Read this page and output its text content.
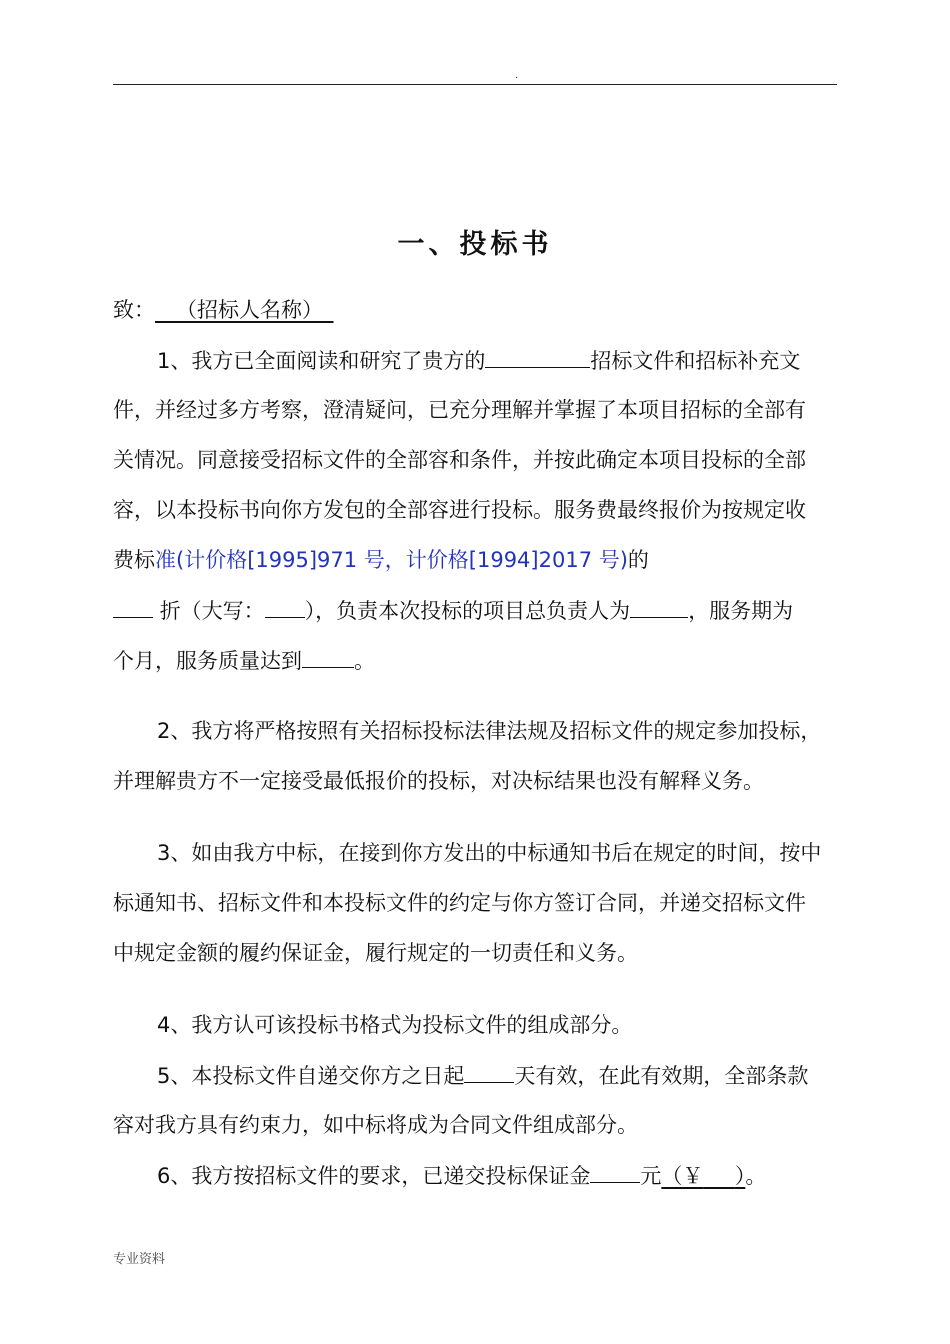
.
一、投标书
致：  （招标人名称） 
1、我方已全面阅读和研究了贵方的	招标文件和招标补充文
件，并经过多方考察，澄清疑问，已充分理解并掌握了本项目招标的全部有
关情况。同意接受招标文件的全部容和条件，并按此确定本项目投标的全部
容，以本投标书向你方发包的全部容进行投标。服务费最终报价为按规定收
费标准(计价格[1995]971 号，计价格[1994]2017 号)的
折（大写： ），负责本次投标的项目总负责人为	，服务期为
个月，服务质量达到 。
2、我方将严格按照有关招标投标法律法规及招标文件的规定参加投标，
并理解贵方不一定接受最低报价的投标，对决标结果也没有解释义务。
3、如由我方中标，在接到你方发出的中标通知书后在规定的时间，按中
标通知书、招标文件和本投标文件的约定与你方签订合同，并递交招标文件
中规定金额的履约保证金，履行规定的一切责任和义务。
4、我方认可该投标书格式为投标文件的组成部分。
5、本投标文件自递交你方之日起 天有效，在此有效期，全部条款
容对我方具有约束力，如中标将成为合同文件组成部分。
6、我方按招标文件的要求，已递交投标保证金 元（￥   ）。
专业资料
